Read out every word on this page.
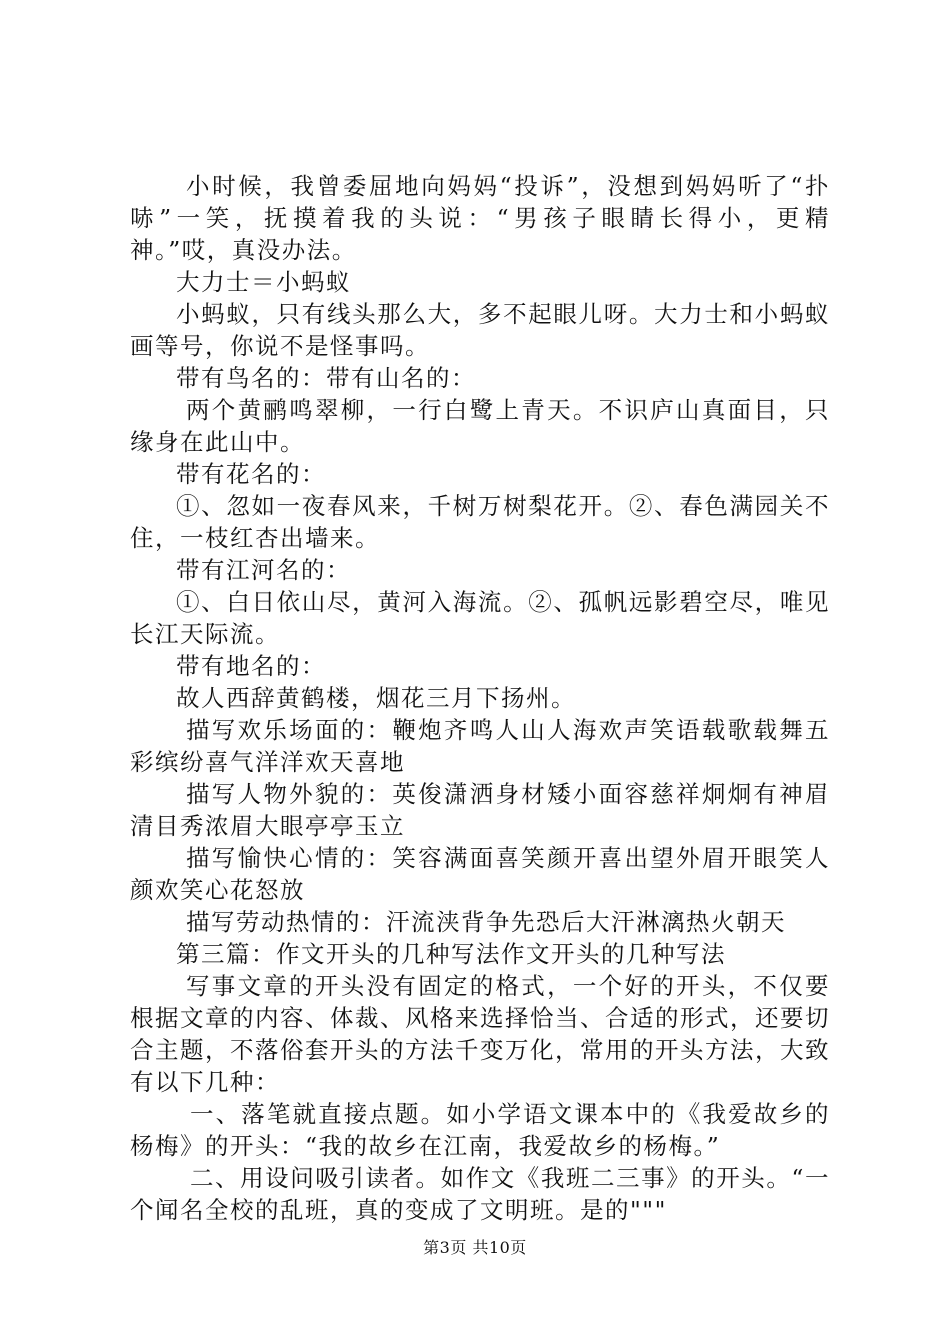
小时候，我曾委屈地向妈妈“投诉”，没想到妈妈听了“扑哧”一笑，抚摸着我的头说：“男孩子眼睛长得小，更精神。”哎，真没办法。

大力士＝小蚂蚁

小蚂蚁，只有线头那么大，多不起眼儿呀。大力士和小蚂蚁画等号，你说不是怪事吗。

带有鸟名的：带有山名的：

两个黄鹂鸣翠柳，一行白鹭上青天。不识庐山真面目，只缘身在此山中。

带有花名的：

①、忽如一夜春风来，千树万树梨花开。②、春色满园关不住，一枝红杏出墙来。

带有江河名的：

①、白日依山尽，黄河入海流。②、孤帆远影碧空尽，唯见长江天际流。

带有地名的：

故人西辞黄鹤楼，烟花三月下扬州。

描写欢乐场面的：鞭炮齐鸣人山人海欢声笑语载歌载舞五彩缤纷喜气洋洋欢天喜地

描写人物外貌的：英俊潇洒身材矮小面容慈祥炯炯有神眉清目秀浓眉大眼亭亭玉立

描写愉快心情的：笑容满面喜笑颜开喜出望外眉开眼笑人颜欢笑心花怒放

描写劳动热情的：汗流浃背争先恐后大汗淋漓热火朝天

第三篇：作文开头的几种写法作文开头的几种写法

写事文章的开头没有固定的格式，一个好的开头，不仅要根据文章的内容、体裁、风格来选择恰当、合适的形式，还要切合主题，不落俗套开头的方法千变万化，常用的开头方法，大致有以下几种：

一、落笔就直接点题。如小学语文课本中的《我爱故乡的杨梅》的开头：“我的故乡在江南，我爱故乡的杨梅。”

二、用设问吸引读者。如作文《我班二三事》的开头。“一个闻名全校的乱班，真的变成了文明班。是的"""

第3页 共10页
